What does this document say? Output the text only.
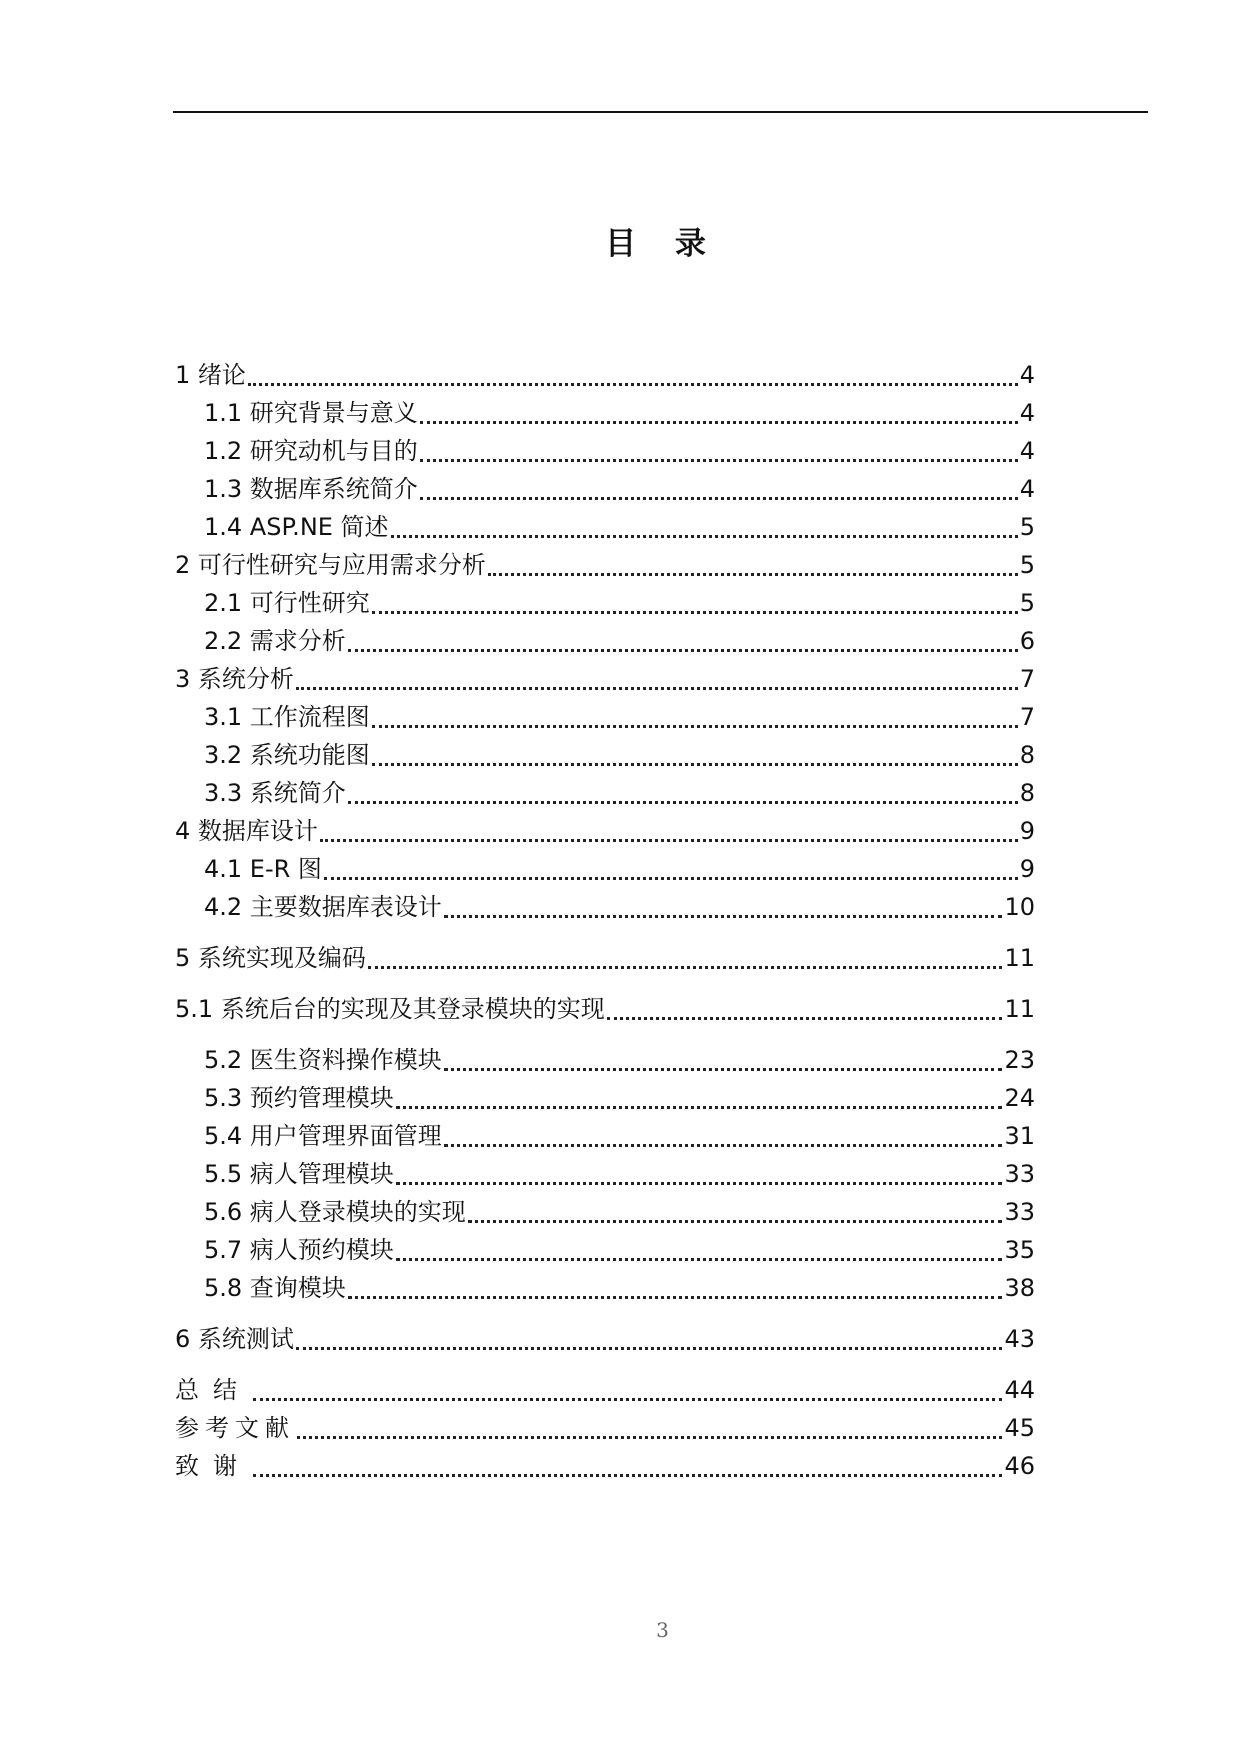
目 录
1 绪论	4
1.1 研究背景与意义	4
1.2 研究动机与目的	4
1.3 数据库系统简介	4
1.4 ASP.NE 简述	5
2 可行性研究与应用需求分析	5
2.1 可行性研究	5
2.2 需求分析	6
3 系统分析	7
3.1 工作流程图	7
3.2 系统功能图	8
3.3 系统简介	8
4 数据库设计	9
4.1 E-R 图	9
4.2 主要数据库表设计	10
5 系统实现及编码	11
5.1 系统后台的实现及其登录模块的实现	11
5.2 医生资料操作模块	23
5.3 预约管理模块	24
5.4 用户管理界面管理	31
5.5 病人管理模块	33
5.6 病人登录模块的实现	33
5.7 病人预约模块	35
5.8 查询模块	38
6 系统测试	43
总结	44
参考文献	45
致谢	46
3
